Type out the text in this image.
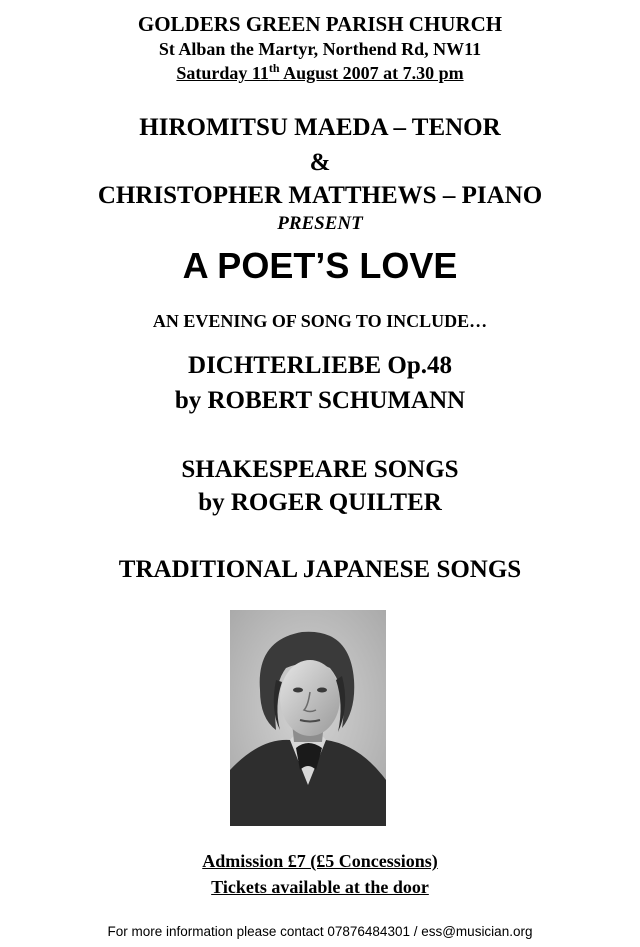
GOLDERS GREEN PARISH CHURCH
St Alban the Martyr, Northend Rd, NW11
Saturday 11th August 2007 at 7.30 pm
HIROMITSU MAEDA – TENOR
&
CHRISTOPHER MATTHEWS – PIANO
PRESENT
A POET’S LOVE
AN EVENING OF SONG TO INCLUDE…
DICHTERLIEBE Op.48
by ROBERT SCHUMANN
SHAKESPEARE SONGS
by ROGER QUILTER
TRADITIONAL JAPANESE SONGS
Admission £7 (£5 Concessions)
Tickets available at the door
For more information please contact 07876484301 / ess@musician.org
